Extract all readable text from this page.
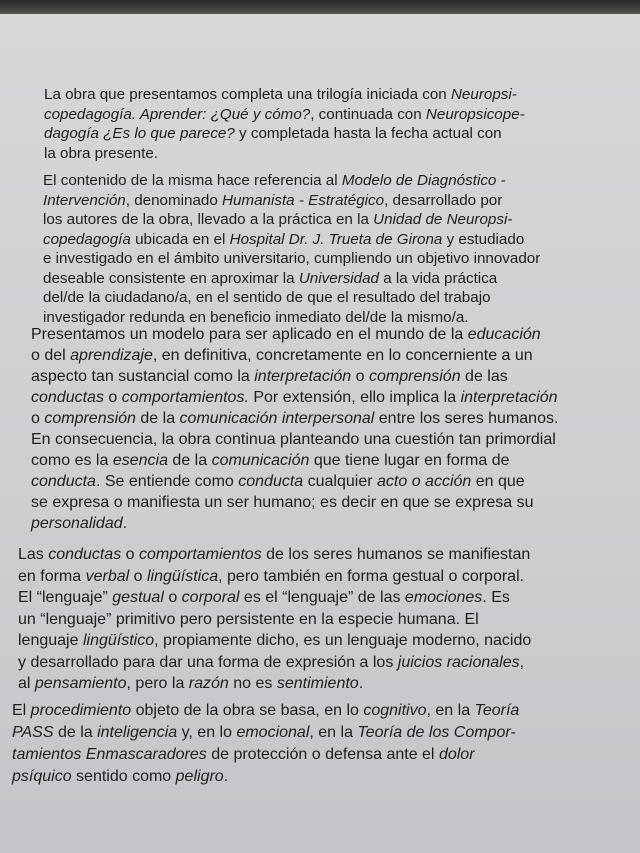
La obra que presentamos completa una trilogía iniciada con Neuropsi-
copedagogía. Aprender: ¿Qué y cómo?, continuada con Neuropsicope-
dagogía ¿Es lo que parece? y completada hasta la fecha actual con
la obra presente.
El contenido de la misma hace referencia al Modelo de Diagnóstico -
Intervención, denominado Humanista - Estratégico, desarrollado por
los autores de la obra, llevado a la práctica en la Unidad de Neuropsi-
copedagogía ubicada en el Hospital Dr. J. Trueta de Girona y estudiado
e investigado en el ámbito universitario, cumpliendo un objetivo innovador
deseable consistente en aproximar la Universidad a la vida práctica
del/de la ciudadano/a, en el sentido de que el resultado del trabajo
investigador redunda en beneficio inmediato del/de la mismo/a.
Presentamos un modelo para ser aplicado en el mundo de la educación
o del aprendizaje, en definitiva, concretamente en lo concerniente a un
aspecto tan sustancial como la interpretación o comprensión de las
conductas o comportamientos. Por extensión, ello implica la interpretación
o comprensión de la comunicación interpersonal entre los seres humanos.
En consecuencia, la obra continua planteando una cuestión tan primordial
como es la esencia de la comunicación que tiene lugar en forma de
conducta. Se entiende como conducta cualquier acto o acción en que
se expresa o manifiesta un ser humano; es decir en que se expresa su
personalidad.
Las conductas o comportamientos de los seres humanos se manifiestan
en forma verbal o lingüística, pero también en forma gestual o corporal.
El “lenguaje” gestual o corporal es el “lenguaje” de las emociones. Es
un “lenguaje” primitivo pero persistente en la especie humana. El
lenguaje lingüístico, propiamente dicho, es un lenguaje moderno, nacido
y desarrollado para dar una forma de expresión a los juicios racionales,
al pensamiento, pero la razón no es sentimiento.
El procedimiento objeto de la obra se basa, en lo cognitivo, en la Teoría
PASS de la inteligencia y, en lo emocional, en la Teoría de los Compor-
tamientos Enmascaradores de protección o defensa ante el dolor
psíquico sentido como peligro.
